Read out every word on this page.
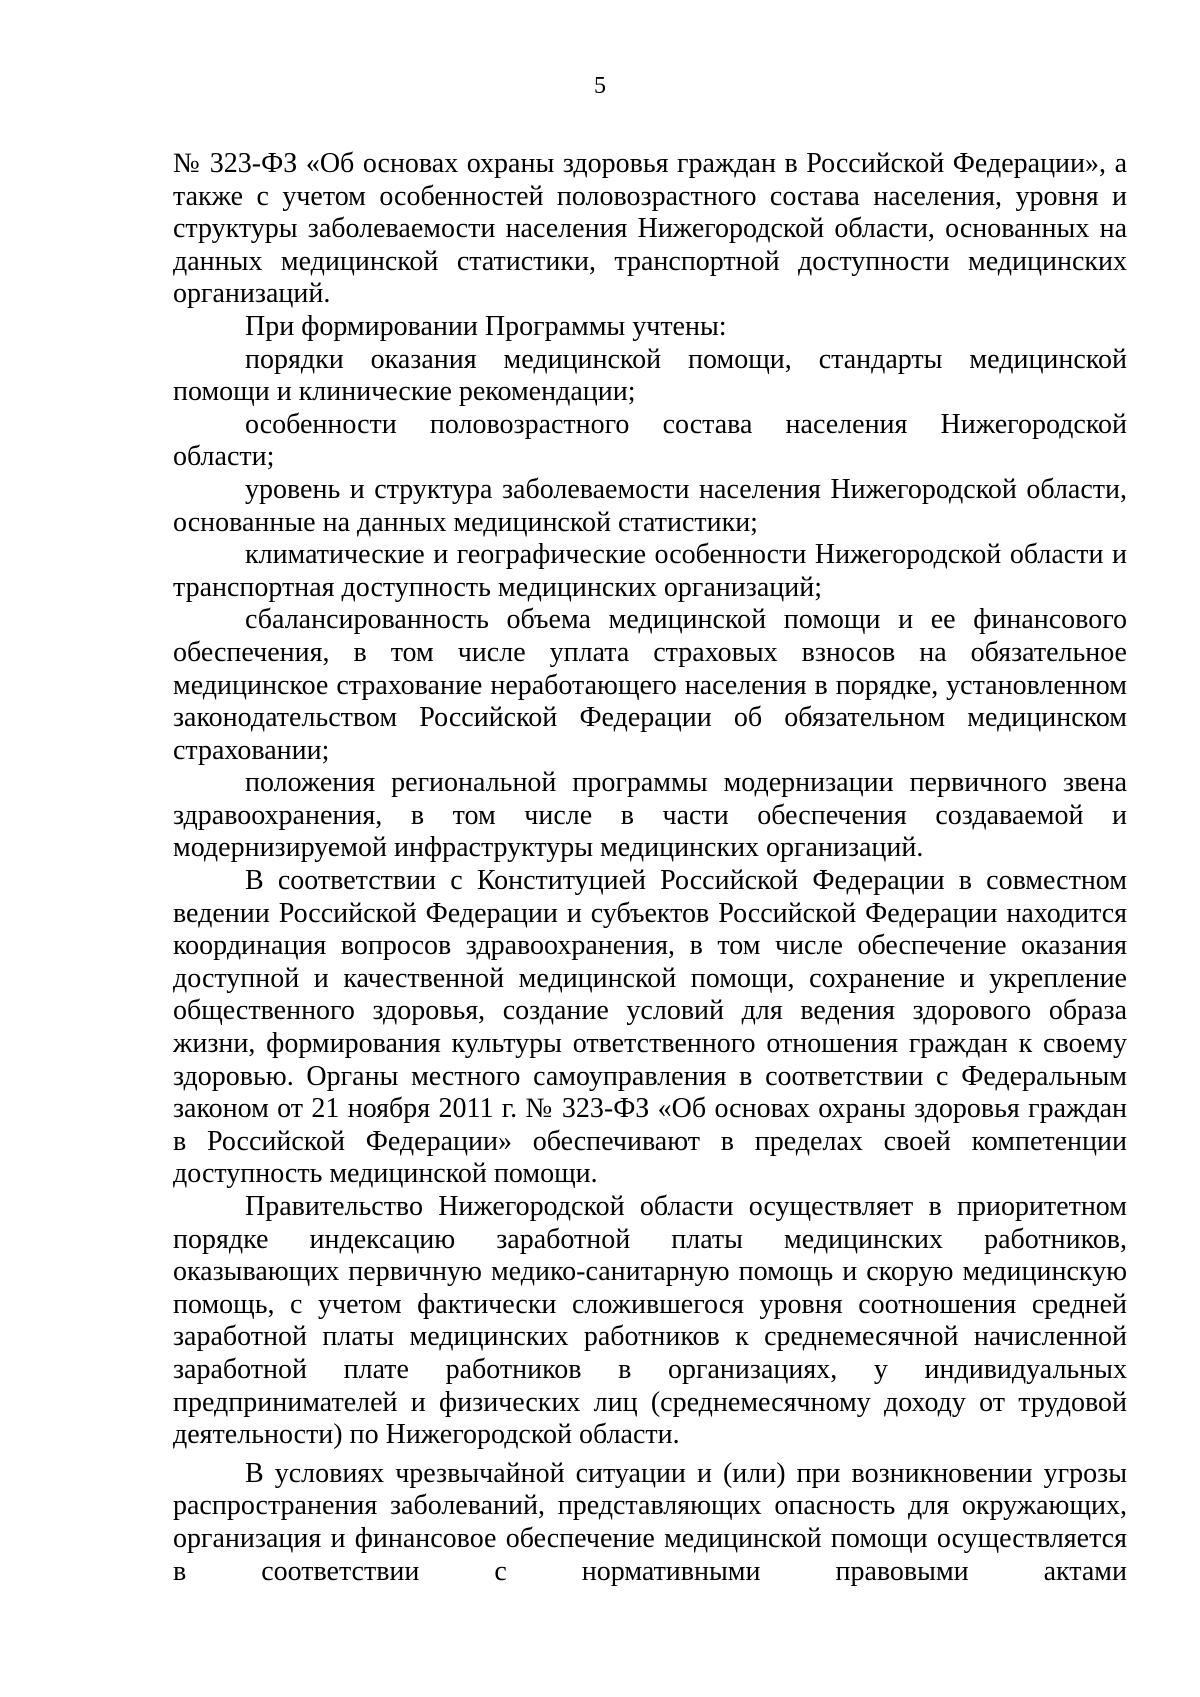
5

№ 323-ФЗ «Об основах охраны здоровья граждан в Российской Федерации», а также с учетом особенностей половозрастного состава населения, уровня и структуры заболеваемости населения Нижегородской области, основанных на данных медицинской статистики, транспортной доступности медицинских организаций.

При формировании Программы учтены:

порядки оказания медицинской помощи, стандарты медицинской помощи и клинические рекомендации;

особенности половозрастного состава населения Нижегородской области;

уровень и структура заболеваемости населения Нижегородской области, основанные на данных медицинской статистики;

климатические и географические особенности Нижегородской области и транспортная доступность медицинских организаций;

сбалансированность объема медицинской помощи и ее финансового обеспечения, в том числе уплата страховых взносов на обязательное медицинское страхование неработающего населения в порядке, установленном законодательством Российской Федерации об обязательном медицинском страховании;

положения региональной программы модернизации первичного звена здравоохранения, в том числе в части обеспечения создаваемой и модернизируемой инфраструктуры медицинских организаций.

В соответствии с Конституцией Российской Федерации в совместном ведении Российской Федерации и субъектов Российской Федерации находится координация вопросов здравоохранения, в том числе обеспечение оказания доступной и качественной медицинской помощи, сохранение и укрепление общественного здоровья, создание условий для ведения здорового образа жизни, формирования культуры ответственного отношения граждан к своему здоровью. Органы местного самоуправления в соответствии с Федеральным законом от 21 ноября 2011 г. № 323-ФЗ «Об основах охраны здоровья граждан в Российской Федерации» обеспечивают в пределах своей компетенции доступность медицинской помощи.

Правительство Нижегородской области осуществляет в приоритетном порядке индексацию заработной платы медицинских работников, оказывающих первичную медико-санитарную помощь и скорую медицинскую помощь, с учетом фактически сложившегося уровня соотношения средней заработной платы медицинских работников к среднемесячной начисленной заработной плате работников в организациях, у индивидуальных предпринимателей и физических лиц (среднемесячному доходу от трудовой деятельности) по Нижегородской области.

В условиях чрезвычайной ситуации и (или) при возникновении угрозы распространения заболеваний, представляющих опасность для окружающих, организация и финансовое обеспечение медицинской помощи осуществляется в соответствии с нормативными правовыми актами
